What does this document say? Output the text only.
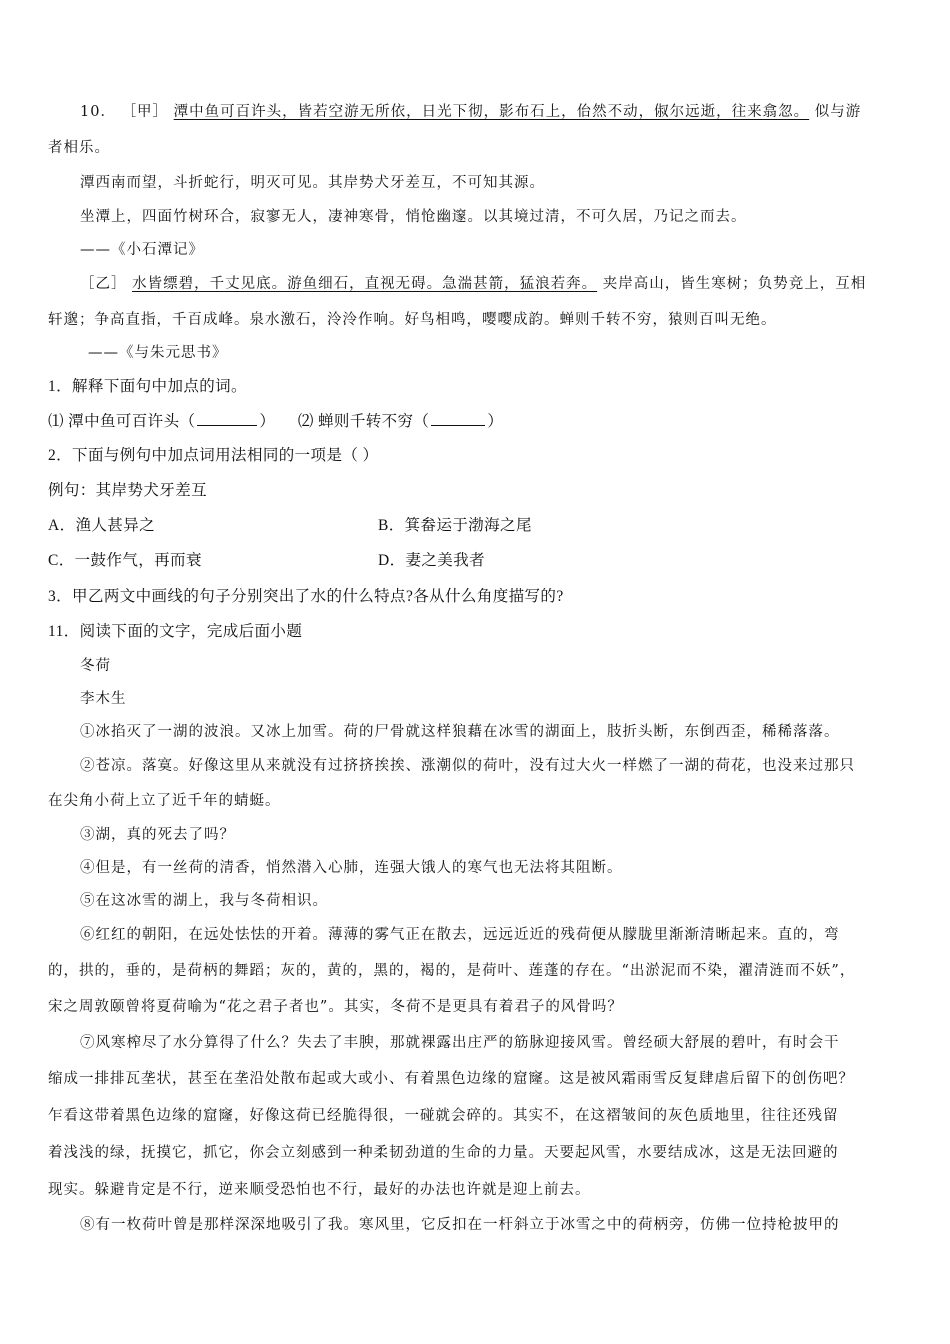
10． ［甲］ 潭中鱼可百许头，皆若空游无所依，日光下彻，影布石上，佁然不动，俶尔远逝，往来翕忽。 似与游
者相乐。
潭西南而望，斗折蛇行，明灭可见。其岸势犬牙差互，不可知其源。
坐潭上，四面竹树环合，寂寥无人，凄神寒骨，悄怆幽邃。以其境过清，不可久居，乃记之而去。
——《小石潭记》
［乙］ 水皆缥碧，千丈见底。游鱼细石，直视无碍。急湍甚箭，猛浪若奔。 夹岸高山，皆生寒树；负势竞上，互相
轩邈；争高直指，千百成峰。泉水激石，泠泠作响。好鸟相鸣，嘤嘤成韵。蝉则千转不穷，猿则百叫无绝。
——《与朱元思书》
1．解释下面句中加点的词。
⑴ 潭中鱼可百许头（	） ⑵ 蝉则千转不穷（	）
2．下面与例句中加点词用法相同的一项是（ ）
例句：其岸势犬牙差互
A．渔人甚异之	B．箕畚运于渤海之尾
C．一鼓作气，再而衰	D．妻之美我者
3．甲乙两文中画线的句子分别突出了水的什么特点?各从什么角度描写的?
11．阅读下面的文字，完成后面小题
冬荷
李木生
①冰掐灭了一湖的波浪。又冰上加雪。荷的尸骨就这样狼藉在冰雪的湖面上，肢折头断，东倒西歪，稀稀落落。
②苍凉。落寞。好像这里从来就没有过挤挤挨挨、涨潮似的荷叶，没有过大火一样燃了一湖的荷花，也没来过那只
在尖角小荷上立了近千年的蜻蜓。
③湖，真的死去了吗？
④但是，有一丝荷的清香，悄然潜入心肺，连强大饿人的寒气也无法将其阻断。
⑤在这冰雪的湖上，我与冬荷相识。
⑥红红的朝阳，在远处怯怯的开着。薄薄的雾气正在散去，远远近近的残荷便从朦胧里渐渐清晰起来。直的，弯
的，拱的，垂的，是荷柄的舞蹈；灰的，黄的，黑的，褐的，是荷叶、莲蓬的存在。“出淤泥而不染，濯清涟而不妖”，
宋之周敦颐曾将夏荷喻为“花之君子者也”。其实，冬荷不是更具有着君子的风骨吗？
⑦风寒榨尽了水分算得了什么？失去了丰腴，那就裸露出庄严的筋脉迎接风雪。曾经硕大舒展的碧叶，有时会干
缩成一排排瓦垄状，甚至在垄沿处散布起或大或小、有着黑色边缘的窟窿。这是被风霜雨雪反复肆虐后留下的创伤吧？
乍看这带着黑色边缘的窟窿，好像这荷已经脆得很，一碰就会碎的。其实不，在这褶皱间的灰色质地里，往往还残留
着浅浅的绿，抚摸它，抓它，你会立刻感到一种柔韧劲道的生命的力量。天要起风雪，水要结成冰，这是无法回避的
现实。躲避肯定是不行，逆来顺受恐怕也不行，最好的办法也许就是迎上前去。
⑧有一枚荷叶曾是那样深深地吸引了我。寒风里，它反扣在一杆斜立于冰雪之中的荷柄旁，仿佛一位持枪披甲的
